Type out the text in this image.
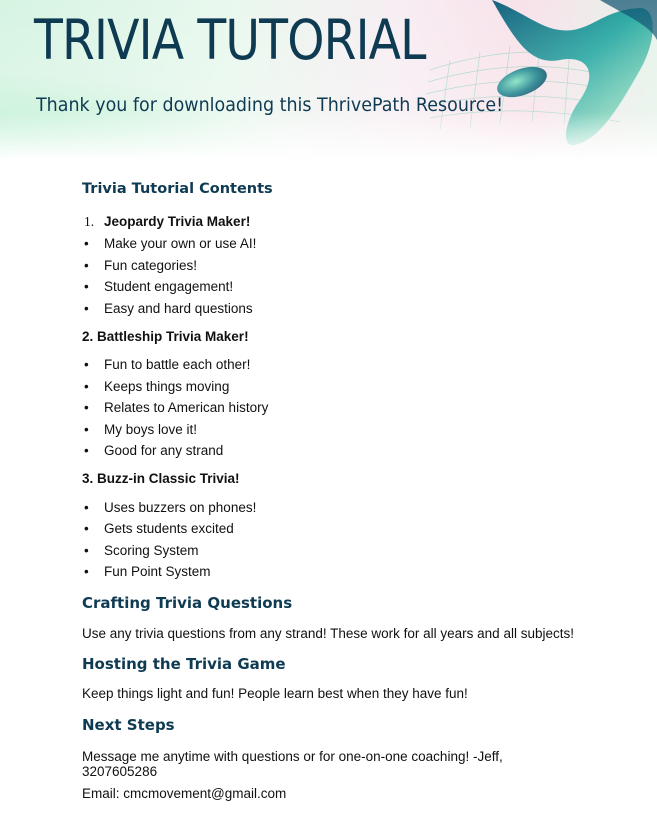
TRIVIA TUTORIAL
Thank you for downloading this ThrivePath Resource!
Trivia Tutorial Contents
1. Jeopardy Trivia Maker!
•	Make your own or use AI!
•	Fun categories!
•	Student engagement!
•	Easy and hard questions
2. Battleship Trivia Maker!
•	Fun to battle each other!
•	Keeps things moving
•	Relates to American history
•	My boys love it!
•	Good for any strand
3. Buzz-in Classic Trivia!
•	Uses buzzers on phones!
•	Gets students excited
•	Scoring System
•	Fun Point System
Crafting Trivia Questions
Use any trivia questions from any strand! These work for all years and all subjects!
Hosting the Trivia Game
Keep things light and fun! People learn best when they have fun!
Next Steps
Message me anytime with questions or for one-on-one coaching! -Jeff,
3207605286
Email: cmcmovement@gmail.com
